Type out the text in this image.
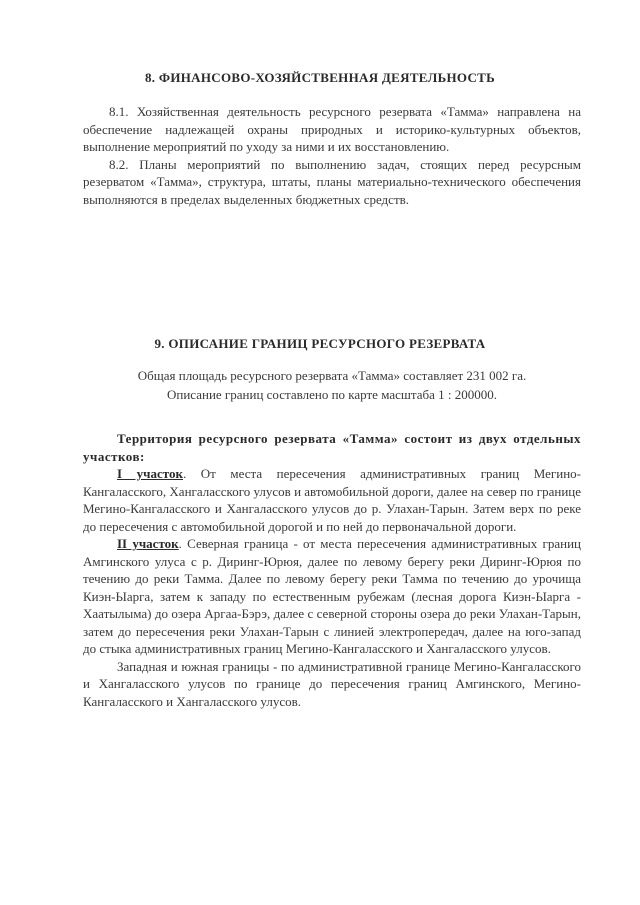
8. ФИНАНСОВО-ХОЗЯЙСТВЕННАЯ ДЕЯТЕЛЬНОСТЬ

8.1. Хозяйственная деятельность ресурсного резервата «Тамма» направлена на обеспечение надлежащей охраны природных и историко-культурных объектов, выполнение мероприятий по уходу за ними и их восстановлению.

8.2. Планы мероприятий по выполнению задач, стоящих перед ресурсным резерватом «Тамма», структура, штаты, планы материально-технического обеспечения выполняются в пределах выделенных бюджетных средств.

9. ОПИСАНИЕ ГРАНИЦ РЕСУРСНОГО РЕЗЕРВАТА

Общая площадь ресурсного резервата «Тамма» составляет 231 002 га.

Описание границ составлено по карте масштаба 1 : 200000.

Территория ресурсного резервата «Тамма» состоит из двух отдельных участков:

I участок. От места пересечения административных границ Мегино-Кангаласского, Хангаласского улусов и автомобильной дороги, далее на север по границе Мегино-Кангаласского и Хангаласского улусов до р. Улахан-Тарын. Затем верх по реке до пересечения с автомобильной дорогой и по ней до первоначальной дороги.

II участок. Северная граница - от места пересечения административных границ Амгинского улуса с р. Диринг-Юрюя, далее по левому берегу реки Диринг-Юрюя по течению до реки Тамма. Далее по левому берегу реки Тамма по течению до урочища Киэн-Ыарга, затем к западу по естественным рубежам (лесная дорога Киэн-Ыарга - Хаатылыма) до озера Аргаа-Бэрэ, далее с северной стороны озера до реки Улахан-Тарын, затем до пересечения реки Улахан-Тарын с линией электропередач, далее на юго-запад до стыка административных границ Мегино-Кангаласского и Хангаласского улусов.

Западная и южная границы - по административной границе Мегино-Кангаласского и Хангаласского улусов по границе до пересечения границ Амгинского, Мегино-Кангаласского и Хангаласского улусов.
